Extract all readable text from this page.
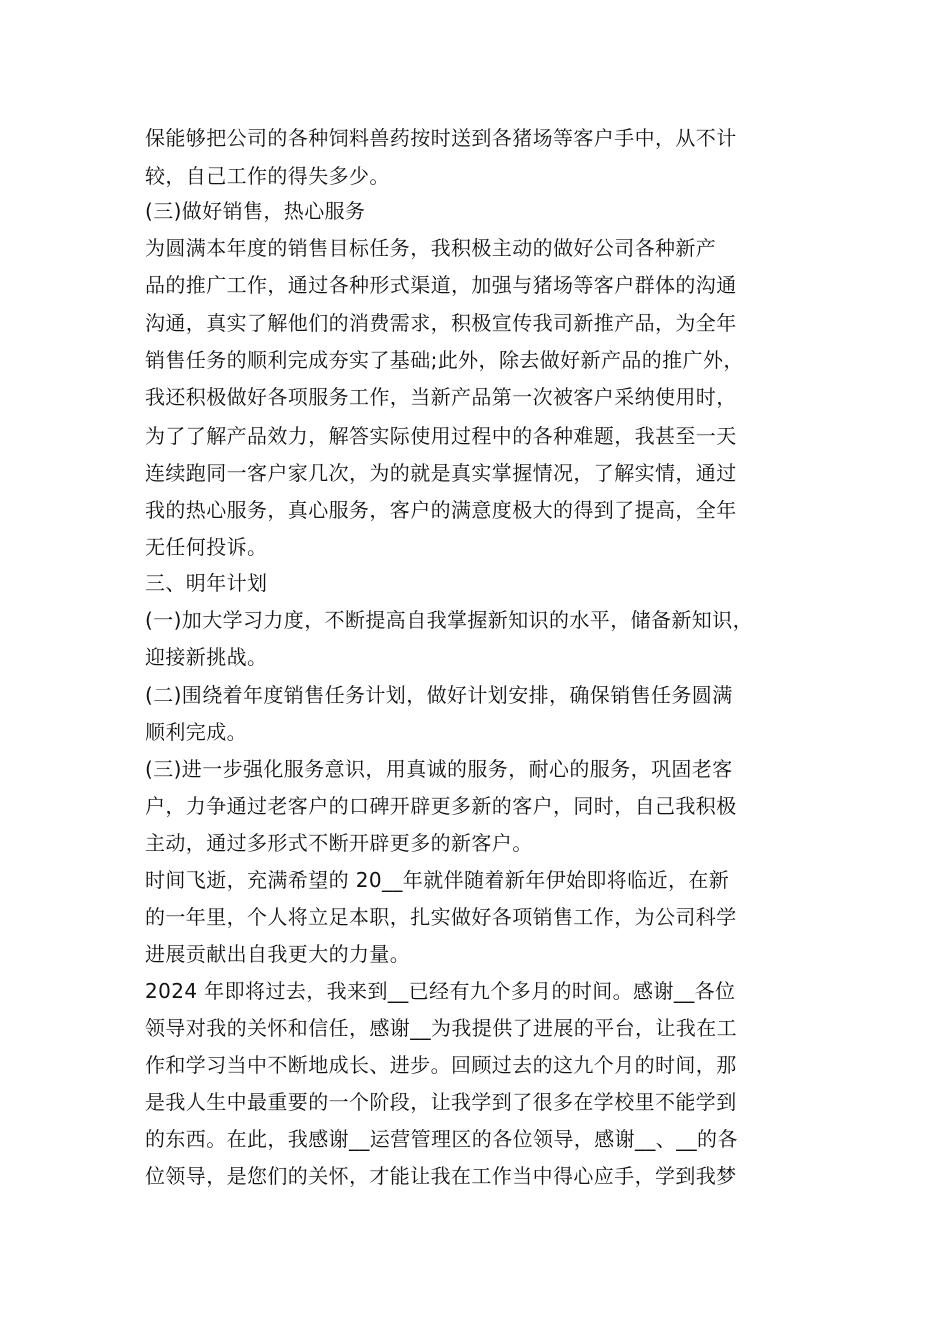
保能够把公司的各种饲料兽药按时送到各猪场等客户手中，从不计
较，自己工作的得失多少。
(三)做好销售，热心服务
为圆满本年度的销售目标任务，我积极主动的做好公司各种新产
品的推广工作，通过各种形式渠道，加强与猪场等客户群体的沟通
沟通，真实了解他们的消费需求，积极宣传我司新推产品，为全年
销售任务的顺利完成夯实了基础;此外，除去做好新产品的推广外，
我还积极做好各项服务工作，当新产品第一次被客户采纳使用时，
为了了解产品效力，解答实际使用过程中的各种难题，我甚至一天
连续跑同一客户家几次，为的就是真实掌握情况，了解实情，通过
我的热心服务，真心服务，客户的满意度极大的得到了提高，全年
无任何投诉。
三、明年计划
(一)加大学习力度，不断提高自我掌握新知识的水平，储备新知识，
迎接新挑战。
(二)围绕着年度销售任务计划，做好计划安排，确保销售任务圆满
顺利完成。
(三)进一步强化服务意识，用真诚的服务，耐心的服务，巩固老客
户，力争通过老客户的口碑开辟更多新的客户，同时，自己我积极
主动，通过多形式不断开辟更多的新客户。
时间飞逝，充满希望的 20__年就伴随着新年伊始即将临近，在新
的一年里，个人将立足本职，扎实做好各项销售工作，为公司科学
进展贡献出自我更大的力量。
2024 年即将过去，我来到__已经有九个多月的时间。感谢__各位
领导对我的关怀和信任，感谢__为我提供了进展的平台，让我在工
作和学习当中不断地成长、进步。回顾过去的这九个月的时间，那
是我人生中最重要的一个阶段，让我学到了很多在学校里不能学到
的东西。在此，我感谢__运营管理区的各位领导，感谢__、__的各
位领导，是您们的关怀，才能让我在工作当中得心应手，学到我梦
